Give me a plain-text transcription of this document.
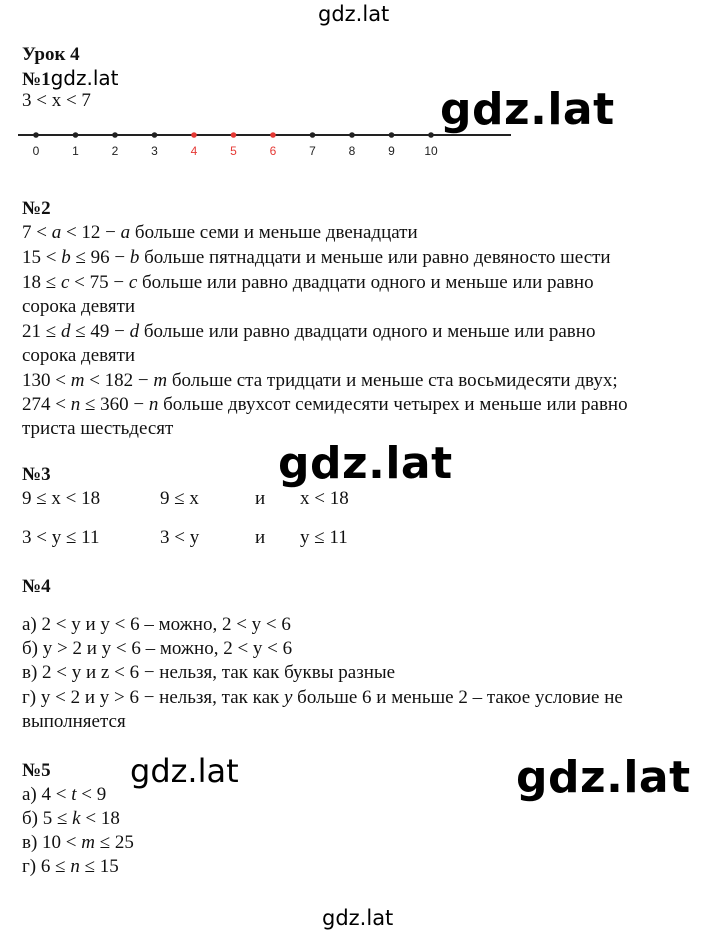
gdz.lat
Урок 4
№1gdz.lat
3 < x < 7	gdz.lat
0	1	2	3	4	5	6	7	8	9 10
№2
7 < a < 12 − a больше семи и меньше двенадцати
15 < b ≤ 96 − b больше пятнадцати и меньше или равно девяносто шести
18 ≤ c < 75 − c больше или равно двадцати одного и меньше или равно
сорока девяти
21 ≤ d ≤ 49 − d больше или равно двадцати одного и меньше или равно
сорока девяти
130 < m < 182 − m больше ста тридцати и меньше ста восьмидесяти двух;
274 < n ≤ 360 − n больше двухсот семидесяти четырех и меньше или равно
триста шестьдесят
gdz.lat
№3
9 ≤ x < 18	9 ≤ x	и x < 18
3 < y ≤ 11	3 < y	и y ≤ 11
№4
а) 2 < y и y < 6 – можно, 2 < y < 6
б) y > 2 и y < 6 – можно, 2 < y < 6
в) 2 < y и z < 6 − нельзя, так как буквы разные
г) y < 2 и y > 6 − нельзя, так как y больше 6 и меньше 2 – такое условие не
выполняется
№5 gdz.lat	gdz.lat
а) 4 < t < 9
б) 5 ≤ k < 18
в) 10 < m ≤ 25
г) 6 ≤ n ≤ 15
gdz.lat
